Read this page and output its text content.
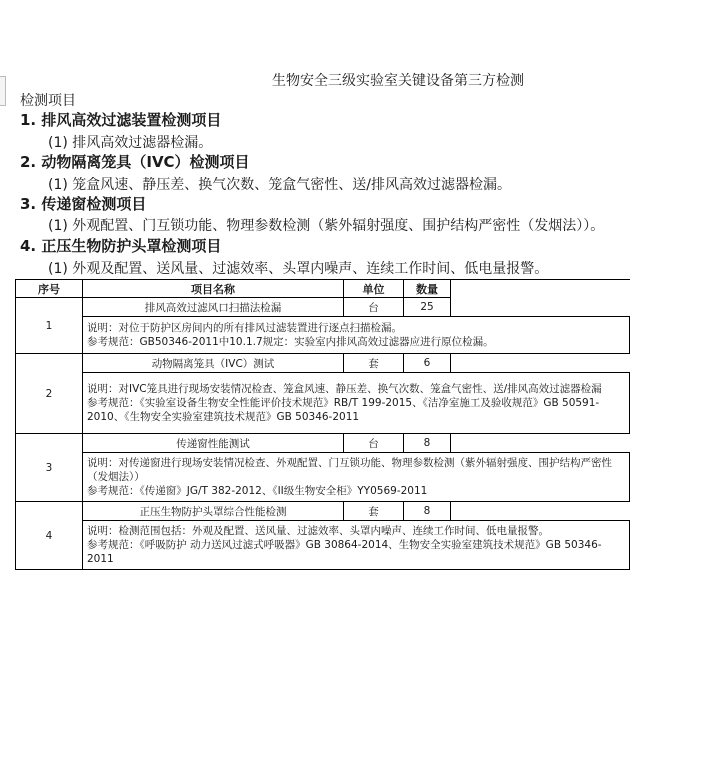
生物安全三级实验室关键设备第三方检测
检测项目
1. 排风高效过滤装置检测项目
(1) 排风高效过滤器检漏。
2. 动物隔离笼具（IVC）检测项目
(1) 笼盒风速、静压差、换气次数、笼盒气密性、送/排风高效过滤器检漏。
3. 传递窗检测项目
(1) 外观配置、门互锁功能、物理参数检测（紫外辐射强度、围护结构严密性（发烟法））。
4. 正压生物防护头罩检测项目
(1) 外观及配置、送风量、过滤效率、头罩内噪声、连续工作时间、低电量报警。
序号	项目名称	单位	数量	
1	排风高效过滤风口扫描法检漏	台	25	

	说明：对位于防护区房间内的所有排风过滤装置进行逐点扫描检漏。
参考规范：GB50346-2011中10.1.7规定：实验室内排风高效过滤器应进行原位检漏。			

2	动物隔离笼具（IVC）测试	套	6	

	说明：对IVC笼具进行现场安装情况检查、笼盒风速、静压差、换气次数、笼盒气密性、送/排风高效过滤器检漏
参考规范：《实验室设备生物安全性能评价技术规范》RB/T 199-2015、《洁净室施工及验收规范》GB 50591-2010、《生物安全实验室建筑技术规范》GB 50346-2011			

3	传递窗性能测试	台	8	

	说明：对传递窗进行现场安装情况检查、外观配置、门互锁功能、物理参数检测（紫外辐射强度、围护结构严密性（发烟法））
参考规范：《传递窗》JG/T 382-2012、《II级生物安全柜》YY0569-2011			

4	正压生物防护头罩综合性能检测	套	8	

	说明：检测范围包括：外观及配置、送风量、过滤效率、头罩内噪声、连续工作时间、低电量报警。
参考规范：《呼吸防护 动力送风过滤式呼吸器》GB 30864-2014、生物安全实验室建筑技术规范》GB 50346-2011			
